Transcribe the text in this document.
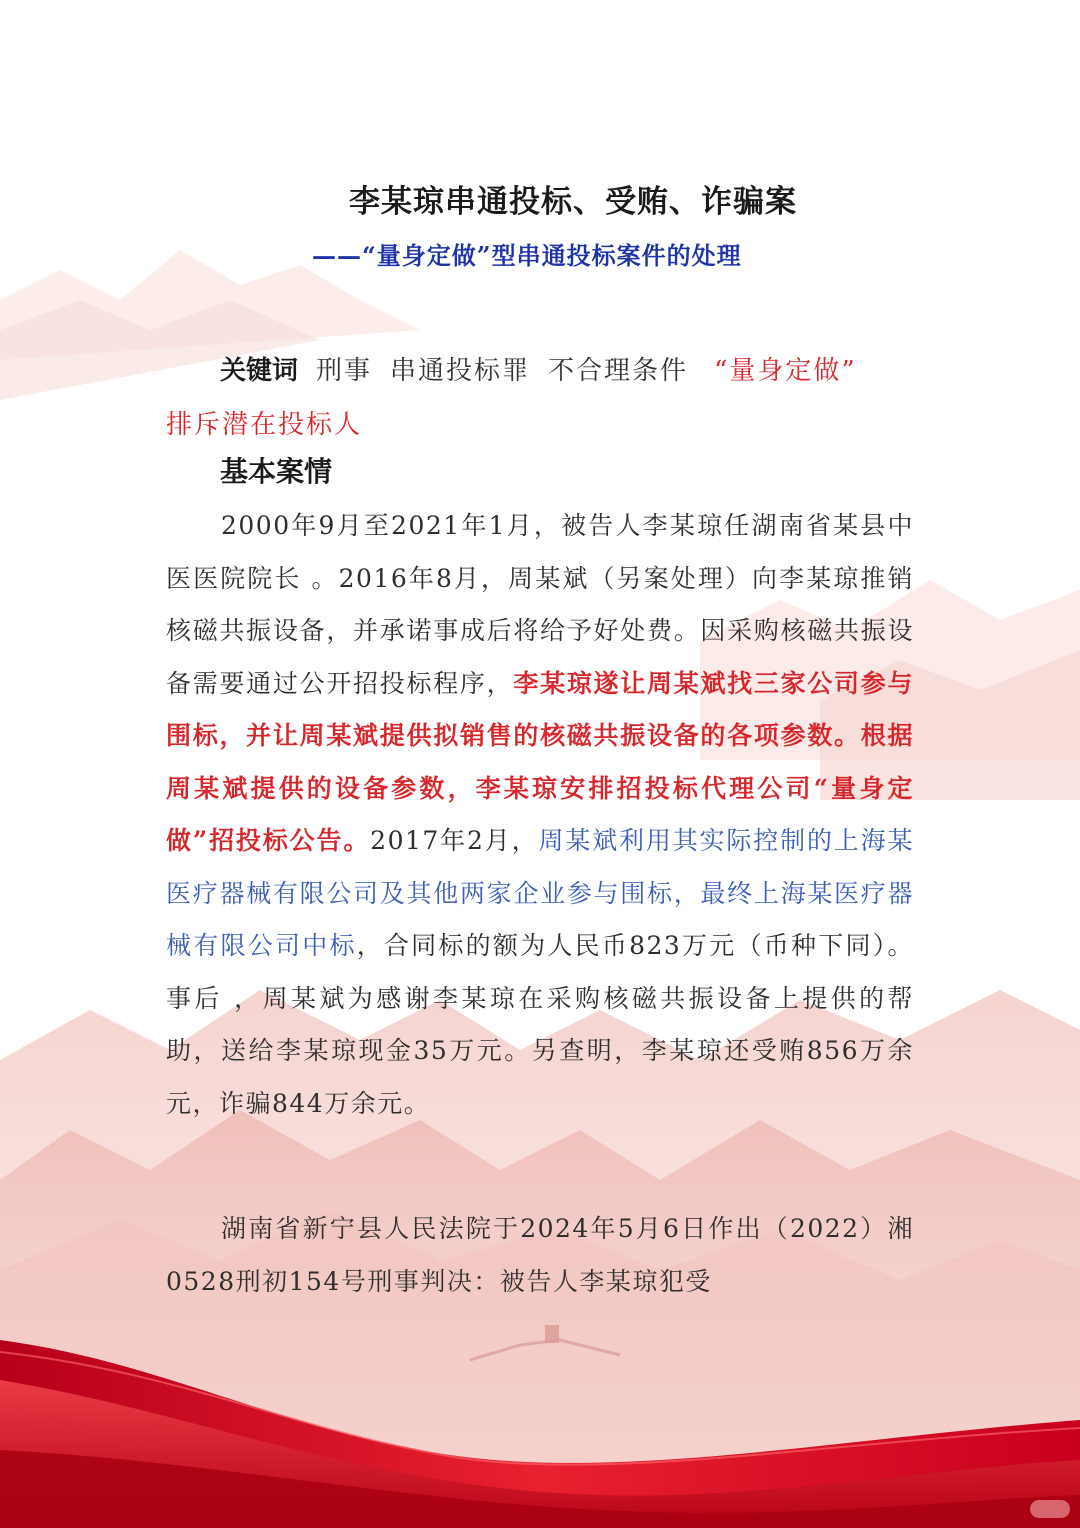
李某琼串通投标、受贿、诈骗案
——“量身定做”型串通投标案件的处理
关键词 刑事 串通投标罪 不合理条件 “量身定做”
排斥潜在投标人
基本案情
2000年9月至2021年1月，被告人李某琼任湖南省某县中医医院院长 。2016年8月，周某斌（另案处理）向李某琼推销核磁共振设备，并承诺事成后将给予好处费。因采购核磁共振设备需要通过公开招投标程序，李某琼遂让周某斌找三家公司参与围标，并让周某斌提供拟销售的核磁共振设备的各项参数。根据周某斌提供的设备参数，李某琼安排招投标代理公司“量身定做”招投标公告。2017年2月，周某斌利用其实际控制的上海某医疗器械有限公司及其他两家企业参与围标，最终上海某医疗器械有限公司中标，合同标的额为人民币823万元（币种下同）。事后 ，周某斌为感谢李某琼在采购核磁共振设备上提供的帮助，送给李某琼现金35万元。另查明，李某琼还受贿856万余元，诈骗844万余元。
湖南省新宁县人民法院于2024年5月6日作出（2022）湘0528刑初154号刑事判决：被告人李某琼犯受
